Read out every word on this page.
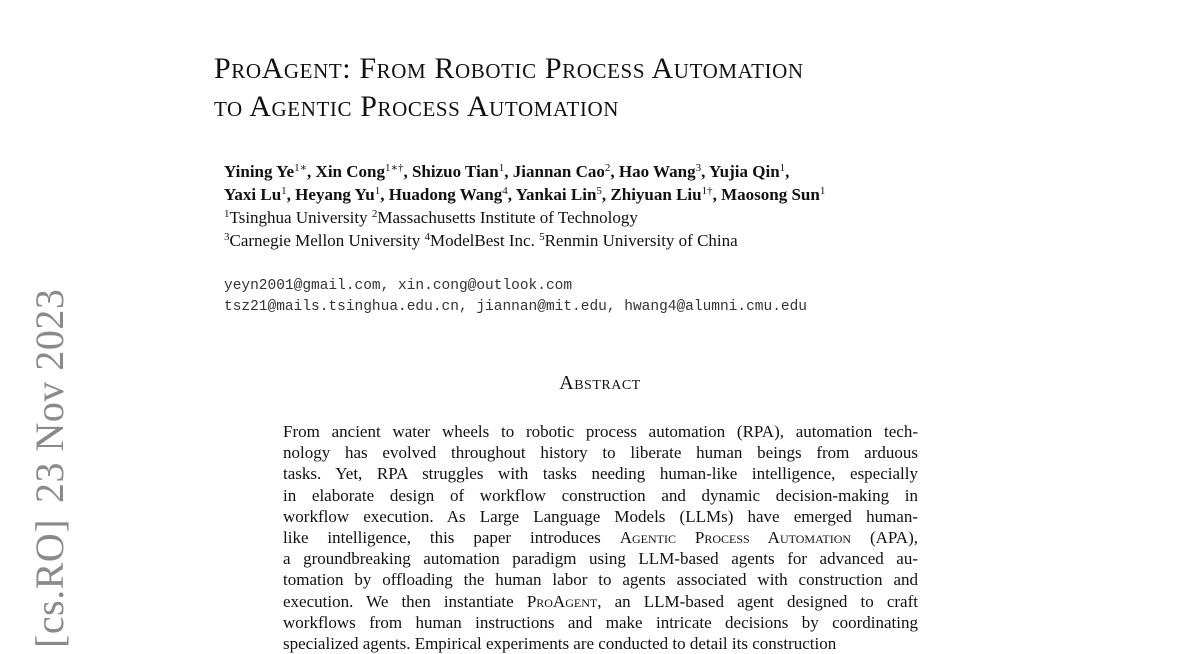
[cs.RO]23 Nov 2023
ProAgent: From Robotic Process Automation
to Agentic Process Automation
Yining $Ye^{1∗}$, Xin Cong$^{1∗\dagger}$, Shizuo Tian$^1$, Jiannan Cao$^2$, Hao Wang$^3$, Yujia Qin$^1$,
Yaxi Lu$^1$, Heyang Yu$^1$, Huadong Wang$^4$, Yankai Lin$^5$, Zhiyuan Liu$^{1\dagger}$, Maosong Sun$^1$
$^1$Tsinghua University $^2$Massachusetts Institute of Technology
$^3$Carnegie Mellon University $^4$ModelBest Inc. $^5$Renmin University of China
yeyn2001@gmail.com, xin.cong@outlook.com
tsz21@mails.tsinghua.edu.cn, jiannan@mit.edu, hwang4@alumni.cmu.edu
Abstract
From ancient water wheels to robotic process automation (RPA), automation tech-
nology has evolved throughout history to liberate human beings from arduous
tasks. Yet, RPA struggles with tasks needing human-like intelligence, especially
in elaborate design of workflow construction and dynamic decision-making in
workflow execution. As Large Language Models (LLMs) have emerged human-
like intelligence, this paper introduces Agentic Process Automation (APA),
a groundbreaking automation paradigm using LLM-based agents for advanced au-
tomation by offloading the human labor to agents associated with construction and
execution. We then instantiate ProAgent, an LLM-based agent designed to craft
workflows from human instructions and make intricate decisions by coordinating
specialized agents. Empirical experiments are conducted to detail its construction
